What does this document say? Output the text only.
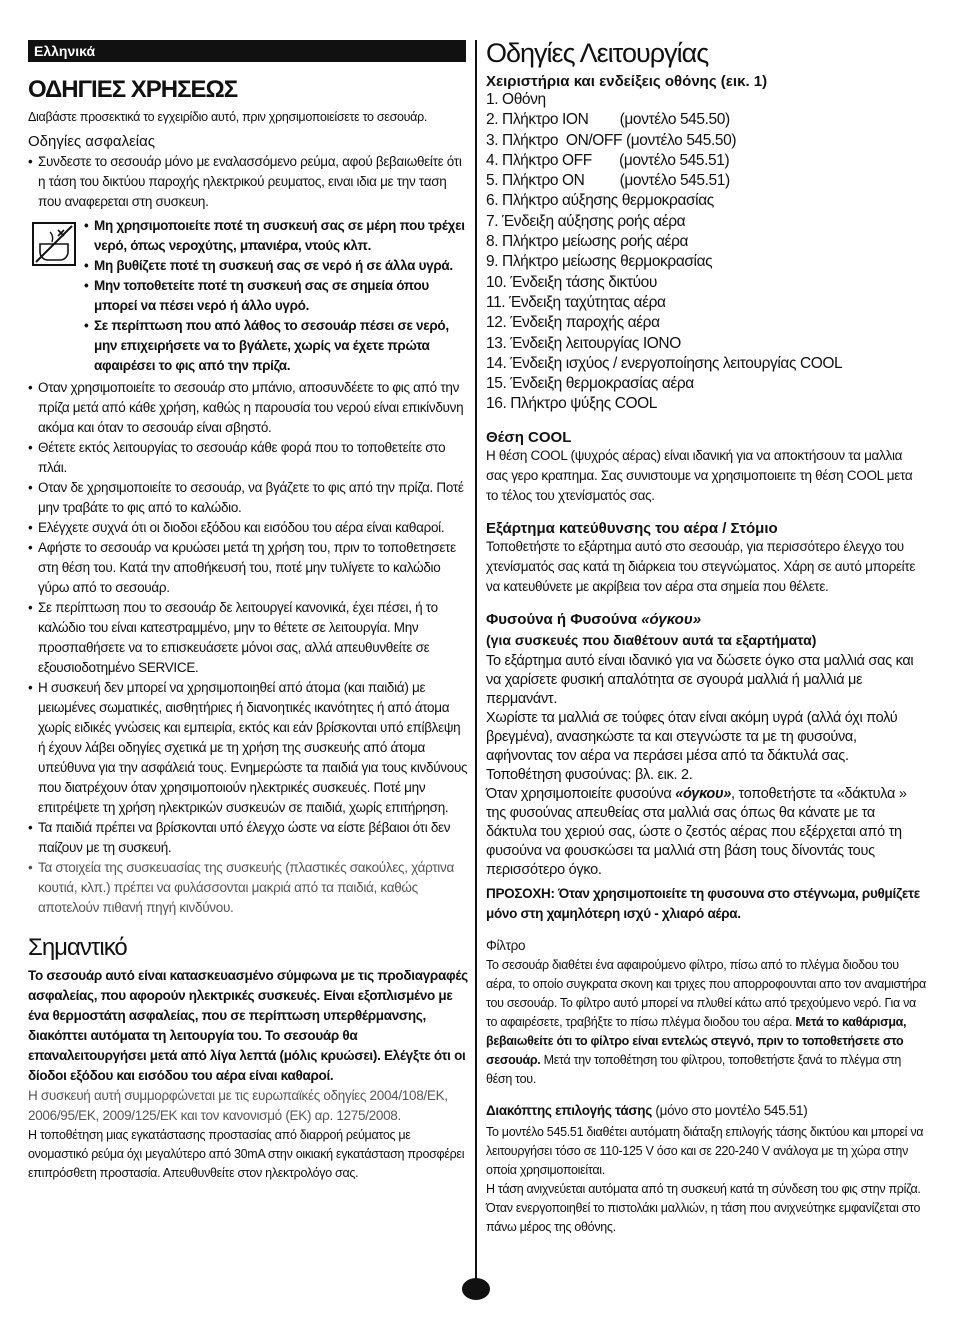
Ελληνικά
ΟΔΗΓΙΕΣ ΧΡΗΣΕΩΣ

Διαβάστε προσεκτικά το εγχειρίδιο αυτό, πριν χρησιμοποιείσετε το σεσουάρ.

Οδηγίες ασφαλείας
• Συνδεστε το σεσουάρ μόνο με εναλασσόμενο ρεύμα, αφού βεβαιωθείτε ότι η τάση του δικτύου παροχής ηλεκτρικού ρευματος, ειναι ιδια με την ταση που αναφερεται στη συσκευη.
• Μη χρησιμοποιείτε ποτέ τη συσκευή σας σε μέρη που τρέχει νερό, όπως νεροχύτης, μπανιέρα, ντούς κλπ.
• Μη βυθίζετε ποτέ τη συσκευή σας σε νερό ή σε άλλα υγρά.
• Μην τοποθετείτε ποτέ τη συσκευή σας σε σημεία όπου μπορεί να πέσει νερό ή άλλο υγρό.
• Σε περίπτωση που από λάθος το σεσουάρ πέσει σε νερό, μην επιχειρήσετε να το βγάλετε, χωρίς να έχετε πρώτα αφαιρέσει το φις από την πρίζα.
• Οταν χρησιμοποιείτε το σεσουάρ στο μπάνιο, αποσυνδέετε το φις από την πρίζα μετά από κάθε χρήση, καθώς η παρουσία του νερού είναι επικίνδυνη ακόμα και όταν το σεσουάρ είναι σβηστό.
• Θέτετε εκτός λειτουργίας το σεσουάρ κάθε φορά που το τοποθετείτε στο πλάι.
• Οταν δε χρησιμοποιείτε το σεσουάρ, να βγάζετε το φις από την πρίζα. Ποτέ μην τραβάτε το φις από το καλώδιο.
• Ελέγχετε συχνά ότι οι διοδοι εξόδου και εισόδου του αέρα είναι καθαροί.
• Αφήστε το σεσουάρ να κρυώσει μετά τη χρήση του, πριν το τοποθετησετε στη θέση του. Κατά την αποθήκευσή του, ποτέ μην τυλίγετε το καλώδιο γύρω από το σεσουάρ.
• Σε περίπτωση που το σεσουάρ δε λειτουργεί κανονικά, έχει πέσει, ή το καλώδιο του είναι κατεστραμμένο, μην το θέτετε σε λειτουργία. Μην προσπαθήσετε να το επισκευάσετε μόνοι σας, αλλά απευθυνθείτε σε εξουσιοδοτημένο SERVICE.
• Η συσκευή δεν μπορεί να χρησιμοποιηθεί από άτομα (και παιδιά) με μειωμένες σωματικές, αισθητήριες ή διανοητικές ικανότητες ή από άτομα χωρίς ειδικές γνώσεις και εμπειρία, εκτός και εάν βρίσκονται υπό επίβλεψη ή έχουν λάβει οδηγίες σχετικά με τη χρήση της συσκευής από άτομα υπεύθυνα για την ασφάλειά τους. Ενημερώστε τα παιδιά για τους κινδύνους που διατρέχουν όταν χρησιμοποιούν ηλεκτρικές συσκευές. Ποτέ μην επιτρέψετε τη χρήση ηλεκτρικών συσκευών σε παιδιά, χωρίς επιτήρηση.
• Τα παιδιά πρέπει να βρίσκονται υπό έλεγχο ώστε να είστε βέβαιοι ότι δεν παίζουν με τη συσκευή.
• Τα στοιχεία της συσκευασίας της συσκευής (πλαστικές σακούλες, χάρτινα κουτιά, κλπ.) πρέπει να φυλάσσονται μακριά από τα παιδιά, καθώς αποτελούν πιθανή πηγή κινδύνου.
Σημαντικό

Το σεσουάρ αυτό είναι κατασκευασμένο σύμφωνα με τις προδιαγραφές ασφαλείας, που αφορούν ηλεκτρικές συσκευές. Είναι εξοπλισμένο με ένα θερμοστάτη ασφαλείας, που σε περίπτωση υπερθέρμανσης, διακόπτει αυτόματα τη λειτουργία του. Το σεσουάρ θα επαναλειτουργήσει μετά από λίγα λεπτά (μόλις κρυώσει). Ελέγξτε ότι οι δίοδοι εξόδου και εισόδου του αέρα είναι καθαροί.

Η συσκευή αυτή συμμορφώνεται με τις ευρωπαϊκές οδηγίες 2004/108/ΕΚ, 2006/95/ΕΚ, 2009/125/ΕΚ και τον κανονισμό (ΕΚ) αρ. 1275/2008.

Η τοποθέτηση μιας εγκατάστασης προστασίας από διαρροή ρεύματος με ονομαστικό ρεύμα όχι μεγαλύτερο από 30mA στην οικιακή εγκατάσταση προσφέρει επιπρόσθετη προστασία. Απευθυνθείτε στον ηλεκτρολόγο σας.

Οδηγίες Λειτουργίας
Χειριστήρια και ενδείξεις οθόνης (εικ. 1)
1. Οθόνη
2. Πλήκτρο ION        (μοντέλο 545.50)
3. Πλήκτρο  ON/OFF (μοντέλο 545.50)
4. Πλήκτρο OFF       (μοντέλο 545.51)
5. Πλήκτρο ON         (μοντέλο 545.51)
6. Πλήκτρο αύξησης θερμοκρασίας
7. Ένδειξη αύξησης ροής αέρα
8. Πλήκτρο μείωσης ροής αέρα
9. Πλήκτρο μείωσης θερμοκρασίας
10. Ένδειξη τάσης δικτύου
11. Ένδειξη ταχύτητας αέρα
12. Ένδειξη παροχής αέρα
13. Ένδειξη λειτουργίας ΙΟΝΟ
14. Ένδειξη ισχύος / ενεργοποίησης λειτουργίας COOL
15. Ένδειξη θερμοκρασίας αέρα
16. Πλήκτρο ψύξης COOL
Θέση COOL

Η θέση COOL (ψυχρός αέρας) είναι ιδανική για να αποκτήσουν τα μαλλια σας γερο κραπημα. Σας συνιστουμε να χρησιμοποιειτε τη θέση COOL μετα το τέλος του χτενίσματός σας.

Εξάρτημα κατεύθυνσης του αέρα / Στόμιο

Τοποθετήστε το εξάρτημα αυτό στο σεσουάρ, για περισσότερο έλεγχο του χτενίσματός σας κατά τη διάρκεια του στεγνώματος. Χάρη σε αυτό μπορείτε να κατευθύνετε με ακρίβεια τον αέρα στα σημεία που θέλετε.

Φυσούνα ή Φυσούνα «όγκου»
(για συσκευές που διαθέτουν αυτά τα εξαρτήματα)

Το εξάρτημα αυτό είναι ιδανικό για να δώσετε όγκο στα μαλλιά σας και να χαρίσετε φυσική απαλότητα σε σγουρά μαλλιά ή μαλλιά με περμανάντ.

Χωρίστε τα μαλλιά σε τούφες όταν είναι ακόμη υγρά (αλλά όχι πολύ βρεγμένα), ανασηκώστε τα και στεγνώστε τα με τη φυσούνα, αφήνοντας τον αέρα να περάσει μέσα από τα δάκτυλά σας.

Τοποθέτηση φυσούνας: βλ. εικ. 2.

Όταν χρησιμοποιείτε φυσούνα «όγκου», τοποθετήστε τα «δάκτυλα » της φυσούνας απευθείας στα μαλλιά σας όπως θα κάνατε με τα δάκτυλα του χεριού σας, ώστε ο ζεστός αέρας που εξέρχεται από τη φυσούνα να φουσκώσει τα μαλλιά στη βάση τους δίνοντάς τους περισσότερο όγκο.

ΠΡΟΣΟΧΗ: Όταν χρησιμοποιείτε τη φυσουνα στο στέγνωμα, ρυθμίζετε μόνο στη χαμηλότερη ισχύ - χλιαρό αέρα.

Φίλτρο

Το σεσουάρ διαθέτει ένα αφαιρούμενο φίλτρο, πίσω από το πλέγμα διοδου του αέρα, το οποίο συγκρατα σκονη και τριχες που απορροφουνται απο τον αναμιστήρα του σεσουάρ. Το φίλτρο αυτό μπορεί να πλυθεί κάτω από τρεχούμενο νερό. Για να το αφαιρέσετε, τραβήξτε το πίσω πλέγμα διοδου του αέρα. Μετά το καθάρισμα, βεβαιωθείτε ότι το φίλτρο είναι εντελώς στεγνό, πριν το τοποθετήσετε στο σεσουάρ. Μετά την τοποθέτηση του φίλτρου, τοποθετήστε ξανά το πλέγμα στη θέση του.

Διακόπτης επιλογής τάσης (μόνο στο μοντέλο 545.51)

Το μοντέλο 545.51 διαθέτει αυτόματη διάταξη επιλογής τάσης δικτύου και μπορεί να λειτουργήσει τόσο σε 110-125 V όσο και σε 220-240 V ανάλογα με τη χώρα στην οποία χρησιμοποιείται.

Η τάση ανιχνεύεται αυτόματα από τη συσκευή κατά τη σύνδεση του φις στην πρίζα. Όταν ενεργοποιηθεί το πιστολάκι μαλλιών, η τάση που ανιχνεύτηκε εμφανίζεται στο πάνω μέρος της οθόνης.
